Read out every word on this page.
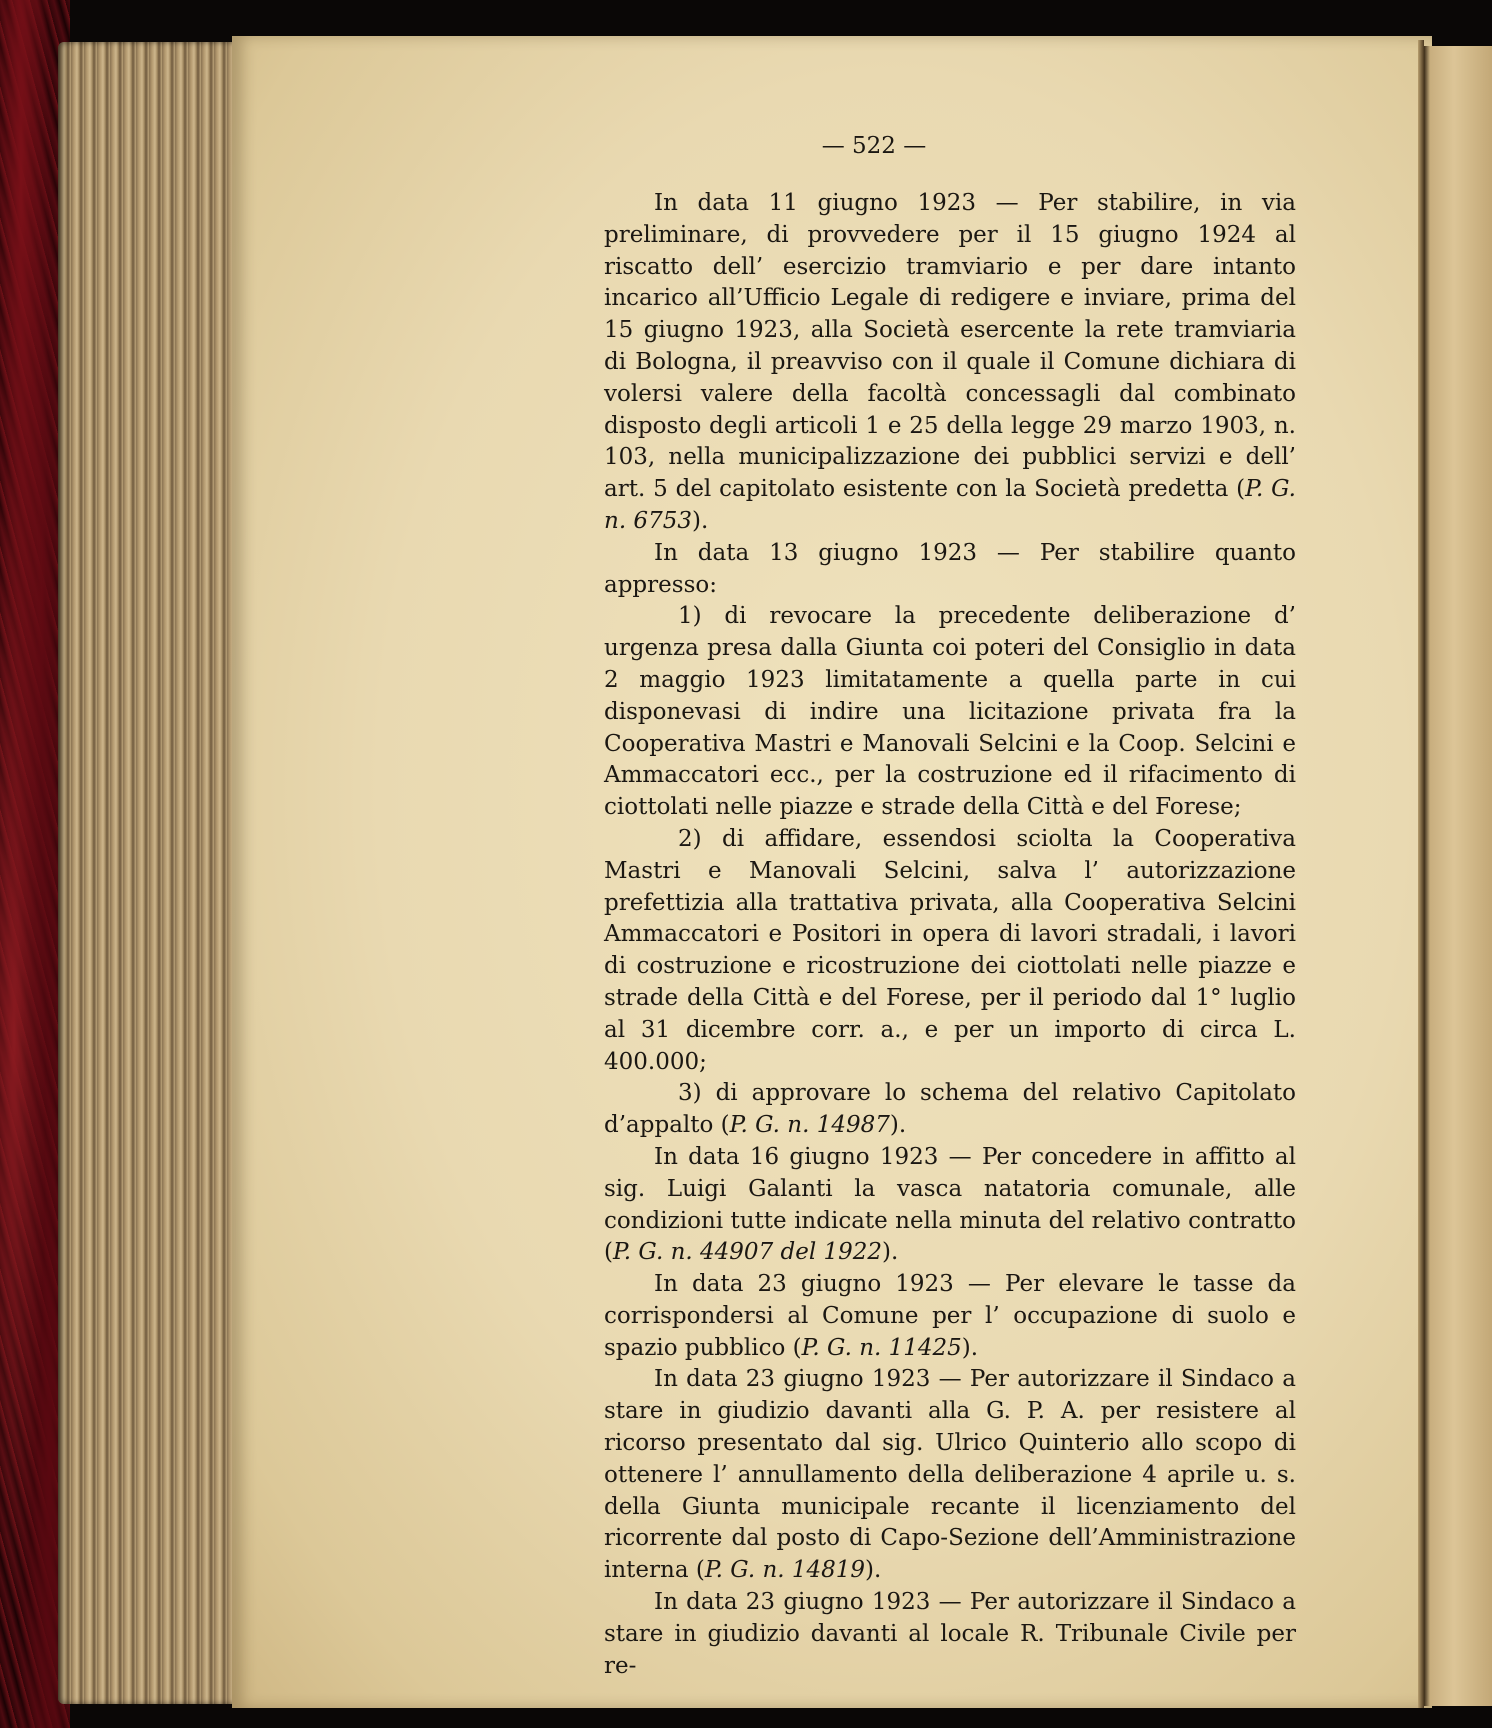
— 522 —

In data 11 giugno 1923 — Per stabilire, in via preliminare, di provvedere per il 15 giugno 1924 al riscatto dell’ esercizio tramviario e per dare intanto incarico all’Ufficio Legale di redigere e inviare, prima del 15 giugno 1923, alla Società esercente la rete tramviaria di Bologna, il preavviso con il quale il Comune dichiara di volersi valere della facoltà concessagli dal combinato disposto degli articoli 1 e 25 della legge 29 marzo 1903, n. 103, nella municipalizzazione dei pubblici servizi e dell’ art. 5 del capitolato esistente con la Società predetta (P. G. n. 6753).

In data 13 giugno 1923 — Per stabilire quanto appresso:

1) di revocare la precedente deliberazione d’ urgenza presa dalla Giunta coi poteri del Consiglio in data 2 maggio 1923 limitatamente a quella parte in cui disponevasi di indire una licitazione privata fra la Cooperativa Mastri e Manovali Selcini e la Coop. Selcini e Ammaccatori ecc., per la costruzione ed il rifacimento di ciottolati nelle piazze e strade della Città e del Forese;

2) di affidare, essendosi sciolta la Cooperativa Mastri e Manovali Selcini, salva l’ autorizzazione prefettizia alla trattativa privata, alla Cooperativa Selcini Ammaccatori e Positori in opera di lavori stradali, i lavori di costruzione e ricostruzione dei ciottolati nelle piazze e strade della Città e del Forese, per il periodo dal 1° luglio al 31 dicembre corr. a., e per un importo di circa L. 400.000;

3) di approvare lo schema del relativo Capitolato d’appalto (P. G. n. 14987).

In data 16 giugno 1923 — Per concedere in affitto al sig. Luigi Galanti la vasca natatoria comunale, alle condizioni tutte indicate nella minuta del relativo contratto (P. G. n. 44907 del 1922).

In data 23 giugno 1923 — Per elevare le tasse da corrispondersi al Comune per l’ occupazione di suolo e spazio pubblico (P. G. n. 11425).

In data 23 giugno 1923 — Per autorizzare il Sindaco a stare in giudizio davanti alla G. P. A. per resistere al ricorso presentato dal sig. Ulrico Quinterio allo scopo di ottenere l’ annullamento della deliberazione 4 aprile u. s. della Giunta municipale recante il licenziamento del ricorrente dal posto di Capo-Sezione dell’Amministrazione interna (P. G. n. 14819).

In data 23 giugno 1923 — Per autorizzare il Sindaco a stare in giudizio davanti al locale R. Tribunale Civile per re-
